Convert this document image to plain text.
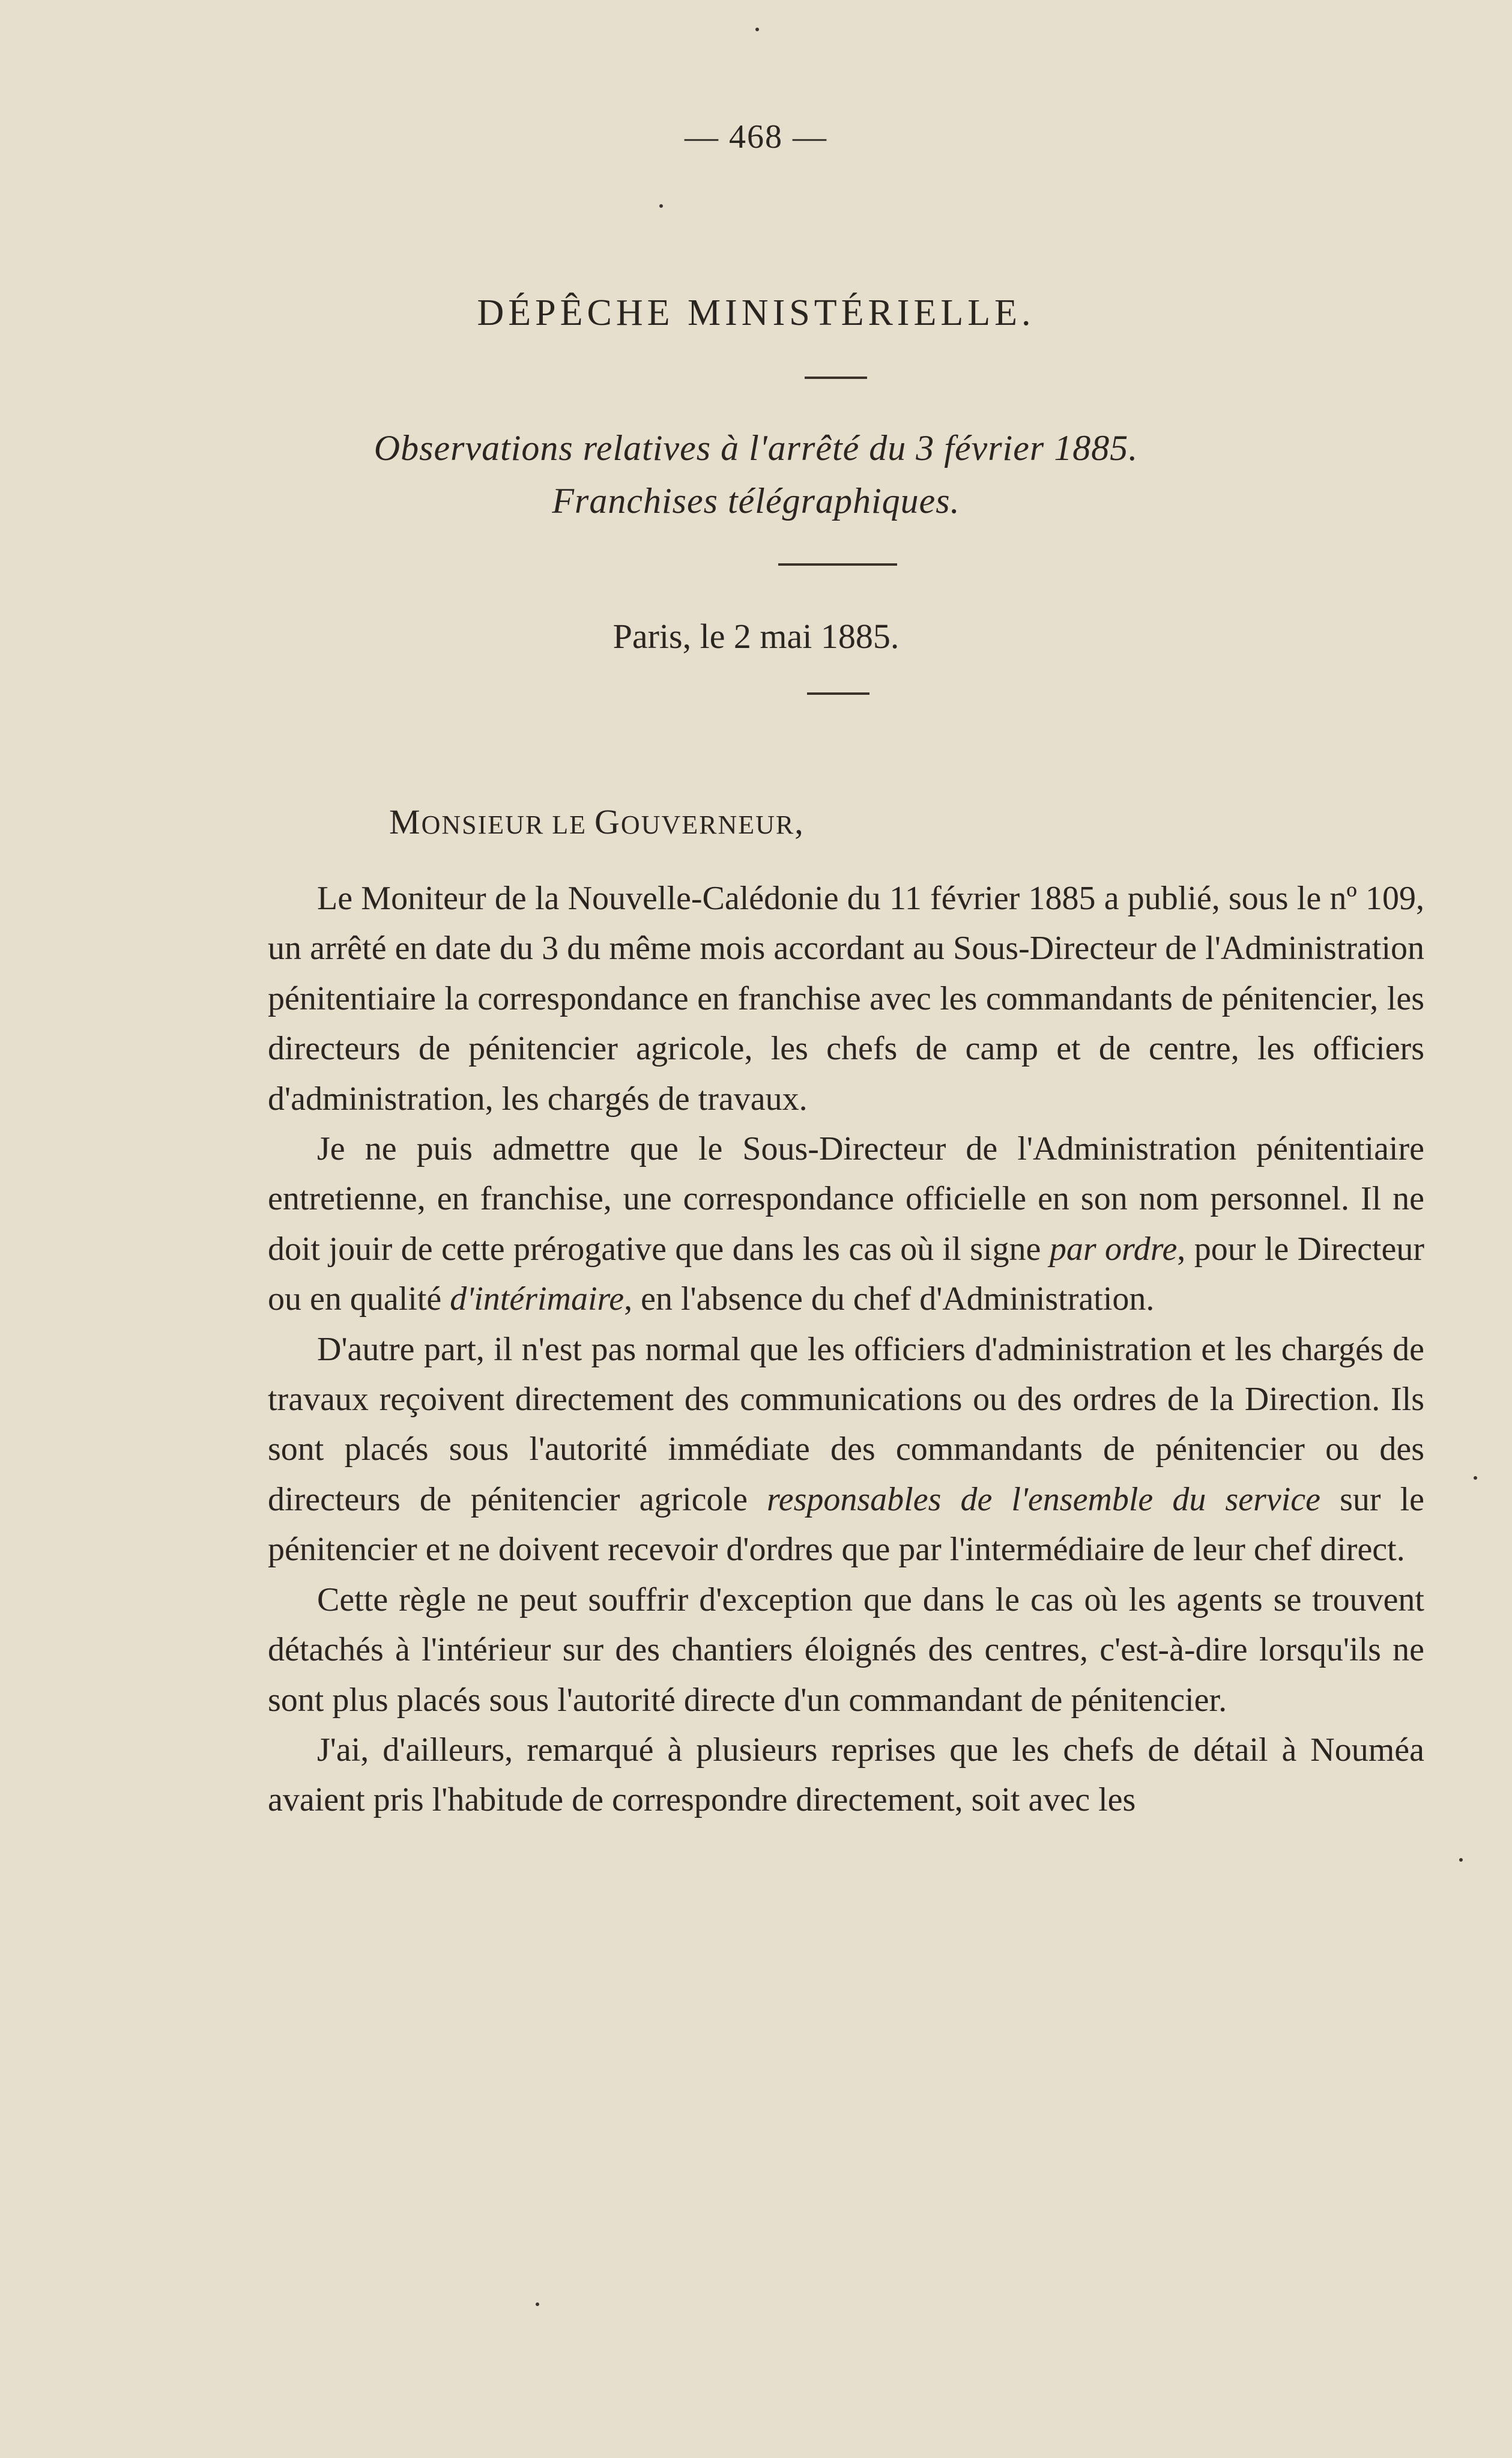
— 468 —
DÉPÊCHE MINISTÉRIELLE.
Observations relatives à l'arrêté du 3 février 1885.
Franchises télégraphiques.
Paris, le 2 mai 1885.
MONSIEUR LE GOUVERNEUR,

Le Moniteur de la Nouvelle-Calédonie du 11 février 1885 a publié, sous le nº 109, un arrêté en date du 3 du même mois accordant au Sous-Directeur de l'Administration pénitentiaire la correspondance en franchise avec les commandants de pénitencier, les directeurs de pénitencier agricole, les chefs de camp et de centre, les officiers d'administration, les chargés de travaux.

Je ne puis admettre que le Sous-Directeur de l'Administration pénitentiaire entretienne, en franchise, une correspondance officielle en son nom personnel. Il ne doit jouir de cette prérogative que dans les cas où il signe par ordre, pour le Directeur ou en qualité d'intérimaire, en l'absence du chef d'Administration.

D'autre part, il n'est pas normal que les officiers d'administration et les chargés de travaux reçoivent directement des communications ou des ordres de la Direction. Ils sont placés sous l'autorité immédiate des commandants de pénitencier ou des directeurs de pénitencier agricole responsables de l'ensemble du service sur le pénitencier et ne doivent recevoir d'ordres que par l'intermédiaire de leur chef direct.

Cette règle ne peut souffrir d'exception que dans le cas où les agents se trouvent détachés à l'intérieur sur des chantiers éloignés des centres, c'est-à-dire lorsqu'ils ne sont plus placés sous l'autorité directe d'un commandant de pénitencier.

J'ai, d'ailleurs, remarqué à plusieurs reprises que les chefs de détail à Nouméa avaient pris l'habitude de correspondre directement, soit avec les
